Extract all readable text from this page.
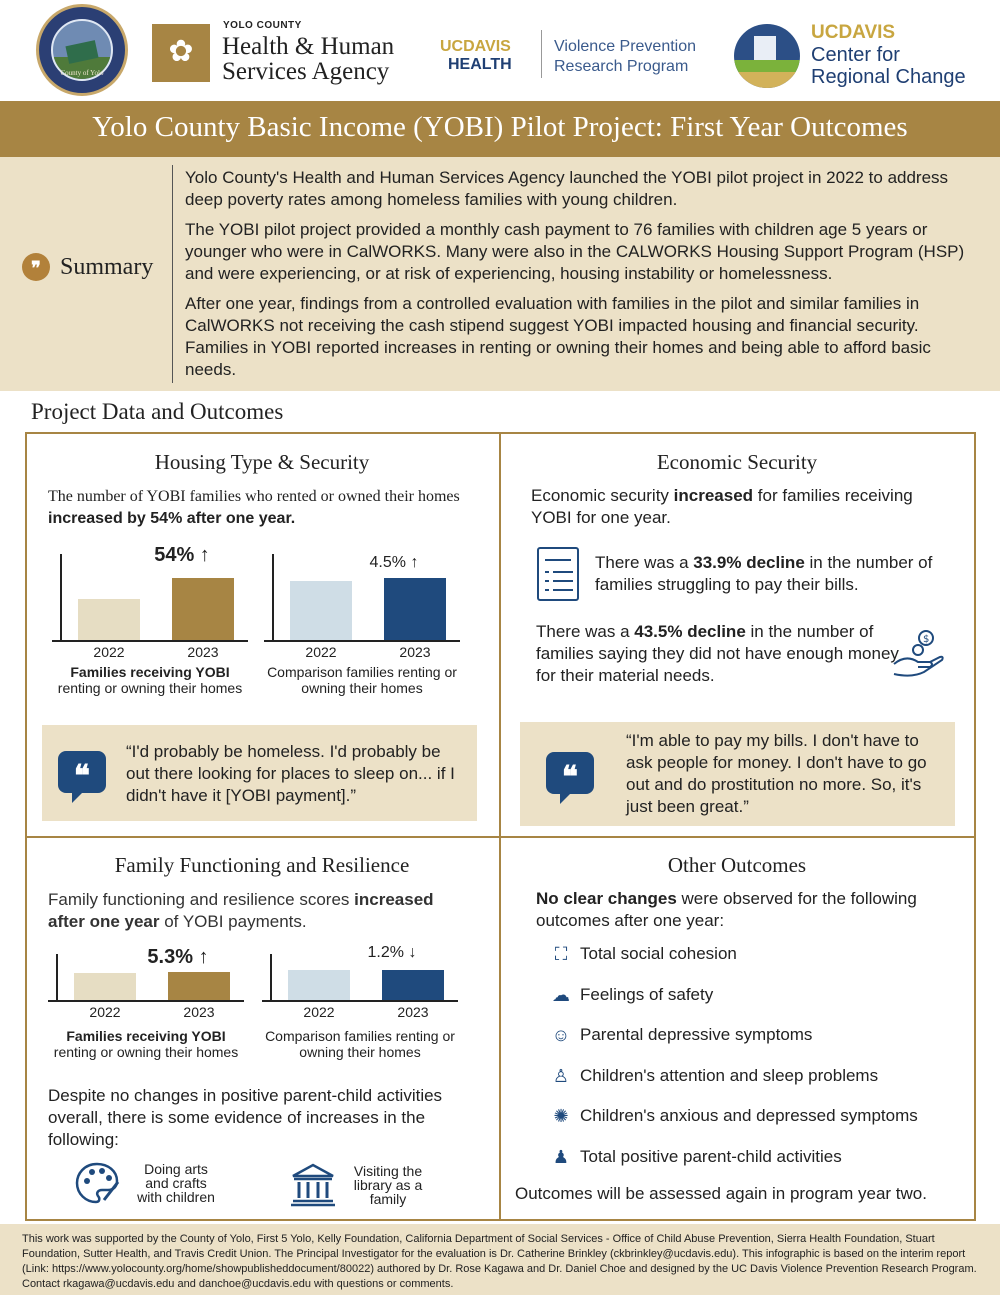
County of Yolo
✿
YOLO COUNTY
Health & Human
Services Agency
UCDAVIS
HEALTH
Violence Prevention
Research Program
UCDAVIS
Center for
Regional Change
Yolo County Basic Income (YOBI) Pilot Project: First Year Outcomes
❞ Summary

Yolo County's Health and Human Services Agency launched the YOBI pilot project in 2022 to address deep poverty rates among homeless families with young children.

The YOBI pilot project provided a monthly cash payment to 76 families with children age 5 years or younger who were in CalWORKS. Many were also in the CALWORKS Housing Support Program (HSP) and were experiencing, or at risk of experiencing, housing instability or homelessness.

After one year, findings from a controlled evaluation with families in the pilot and similar families in CalWORKS not receiving the cash stipend suggest YOBI impacted housing and financial security. Families in YOBI reported increases in renting or owning their homes and being able to afford basic needs.

Project Data and Outcomes
Housing Type & Security
The number of YOBI families who rented or owned their homes increased by 54% after one year.
2022	2023
54% ↑
Families receiving YOBI
renting or owning their homes
2022	2023
4.5% ↑
Comparison families renting or owning their homes
❝
“I'd probably be homeless. I'd probably be out there looking for places to sleep on... if I didn't have it [YOBI payment].”
Economic Security
Economic security increased for families receiving YOBI for one year.
There was a 33.9% decline in the number of families struggling to pay their bills.
There was a 43.5% decline in the number of families saying they did not have enough money for their material needs.
$
❝
“I'm able to pay my bills. I don't have to ask people for money. I don't have to go out and do prostitution no more. So, it's just been great.”
Family Functioning and Resilience
Family functioning and resilience scores increased after one year of YOBI payments.
2022	2023
5.3% ↑
Families receiving YOBI
renting or owning their homes
2022	2023
1.2% ↓
Comparison families renting or owning their homes
Despite no changes in positive parent-child activities overall, there is some evidence of increases in the following:
Doing arts and crafts with children
Visiting the library as a family
Other Outcomes
No clear changes were observed for the following outcomes after one year:
⛶ Total social cohesion
☁ Feelings of safety
☺ Parental depressive symptoms
♙ Children's attention and sleep problems
✺ Children's anxious and depressed symptoms
♟ Total positive parent-child activities
Outcomes will be assessed again in program year two.
This work was supported by the County of Yolo, First 5 Yolo, Kelly Foundation, California Department of Social Services - Office of Child Abuse Prevention, Sierra Health Foundation, Stuart Foundation, Sutter Health, and Travis Credit Union. The Principal Investigator for the evaluation is Dr. Catherine Brinkley (ckbrinkley@ucdavis.edu). This infographic is based on the interim report (Link: https://www.yolocounty.org/home/showpublisheddocument/80022) authored by Dr. Rose Kagawa and Dr. Daniel Choe and designed by the UC Davis Violence Prevention Research Program. Contact rkagawa@ucdavis.edu and danchoe@ucdavis.edu with questions or comments.
